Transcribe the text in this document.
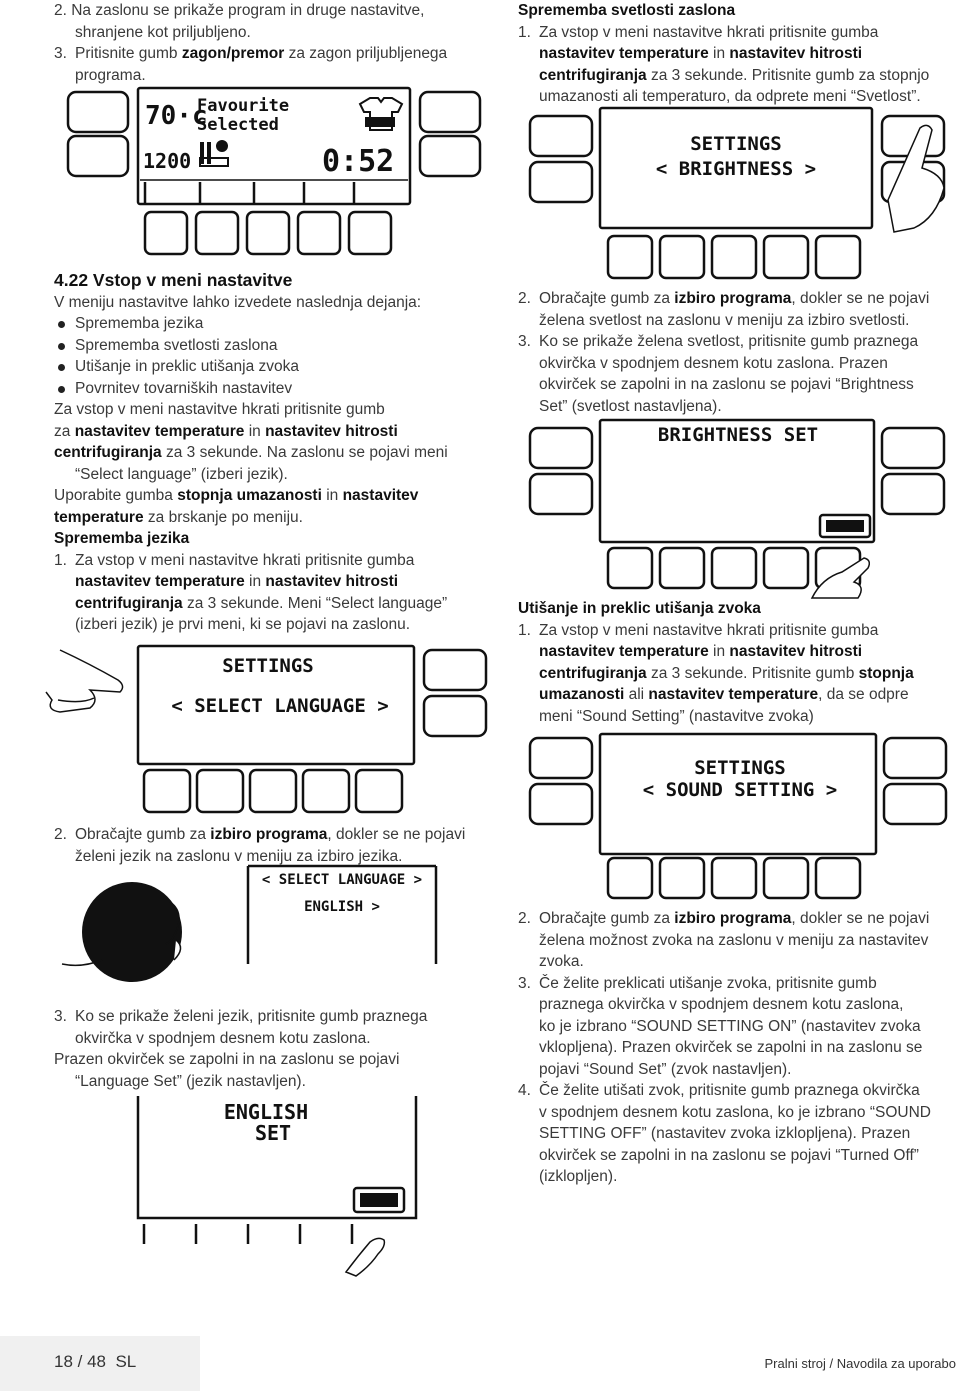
2. Na zaslonu se prikaže program in druge nastavitve,
shranjene kot priljubljeno.
3. Pritisnite gumb zagon/premor za zagon priljubljenega
programa.
70·c
Favourite
Selected
1200	0:52
Sprememba svetlosti zaslona
1. Za vstop v meni nastavitve hkrati pritisnite gumba
nastavitev temperature in nastavitev hitrosti
centrifugiranja za 3 sekunde. Pritisnite gumb za stopnjo
umazanosti ali temperaturo, da odprete meni “Svetlost”.
SETTINGS
< BRIGHTNESS >
2. Obračajte gumb za izbiro programa, dokler se ne pojavi
želena svetlost na zaslonu v meniju za izbiro svetlosti.
3. Ko se prikaže želena svetlost, pritisnite gumb praznega
okvirčka v spodnjem desnem kotu zaslona. Prazen
okvirček se zapolni in na zaslonu se pojavi “Brightness
Set” (svetlost nastavljena).
BRIGHTNESS SET
4.22 Vstop v meni nastavitve
V meniju nastavitve lahko izvedete naslednja dejanja:
Sprememba jezika
Sprememba svetlosti zaslona
Utišanje in preklic utišanja zvoka
Povrnitev tovarniških nastavitev
Za vstop v meni nastavitve hkrati pritisnite gumb
za nastavitev temperature in nastavitev hitrosti
centrifugiranja za 3 sekunde. Na zaslonu se pojavi meni
“Select language” (izberi jezik).
Uporabite gumba stopnja umazanosti in nastavitev
temperature za brskanje po meniju.
Sprememba jezika
1. Za vstop v meni nastavitve hkrati pritisnite gumba
nastavitev temperature in nastavitev hitrosti
centrifugiranja za 3 sekunde. Meni “Select language”
(izberi jezik) je prvi meni, ki se pojavi na zaslonu.
SETTINGS
< SELECT LANGUAGE >
2. Obračajte gumb za izbiro programa, dokler se ne pojavi
želeni jezik na zaslonu v meniju za izbiro jezika.
< SELECT LANGUAGE >
ENGLISH >
3. Ko se prikaže želeni jezik, pritisnite gumb praznega
okvirčka v spodnjem desnem kotu zaslona.
Prazen okvirček se zapolni in na zaslonu se pojavi
“Language Set” (jezik nastavljen).
ENGLISH
SET
Utišanje in preklic utišanja zvoka
1. Za vstop v meni nastavitve hkrati pritisnite gumba
nastavitev temperature in nastavitev hitrosti
centrifugiranja za 3 sekunde. Pritisnite gumb stopnja
umazanosti ali nastavitev temperature, da se odpre
meni “Sound Setting” (nastavitve zvoka)
SETTINGS
< SOUND SETTING >
2. Obračajte gumb za izbiro programa, dokler se ne pojavi
želena možnost zvoka na zaslonu v meniju za nastavitev
zvoka.
3. Če želite preklicati utišanje zvoka, pritisnite gumb
praznega okvirčka v spodnjem desnem kotu zaslona,
ko je izbrano “SOUND SETTING ON” (nastavitev zvoka
vklopljena). Prazen okvirček se zapolni in na zaslonu se
pojavi “Sound Set” (zvok nastavljen).
4. Če želite utišati zvok, pritisnite gumb praznega okvirčka
v spodnjem desnem kotu zaslona, ko je izbrano “SOUND
SETTING OFF” (nastavitev zvoka izklopljena). Prazen
okvirček se zapolni in na zaslonu se pojavi “Turned Off”
(izklopljen).
18 / 48 SL	Pralni stroj / Navodila za uporabo
